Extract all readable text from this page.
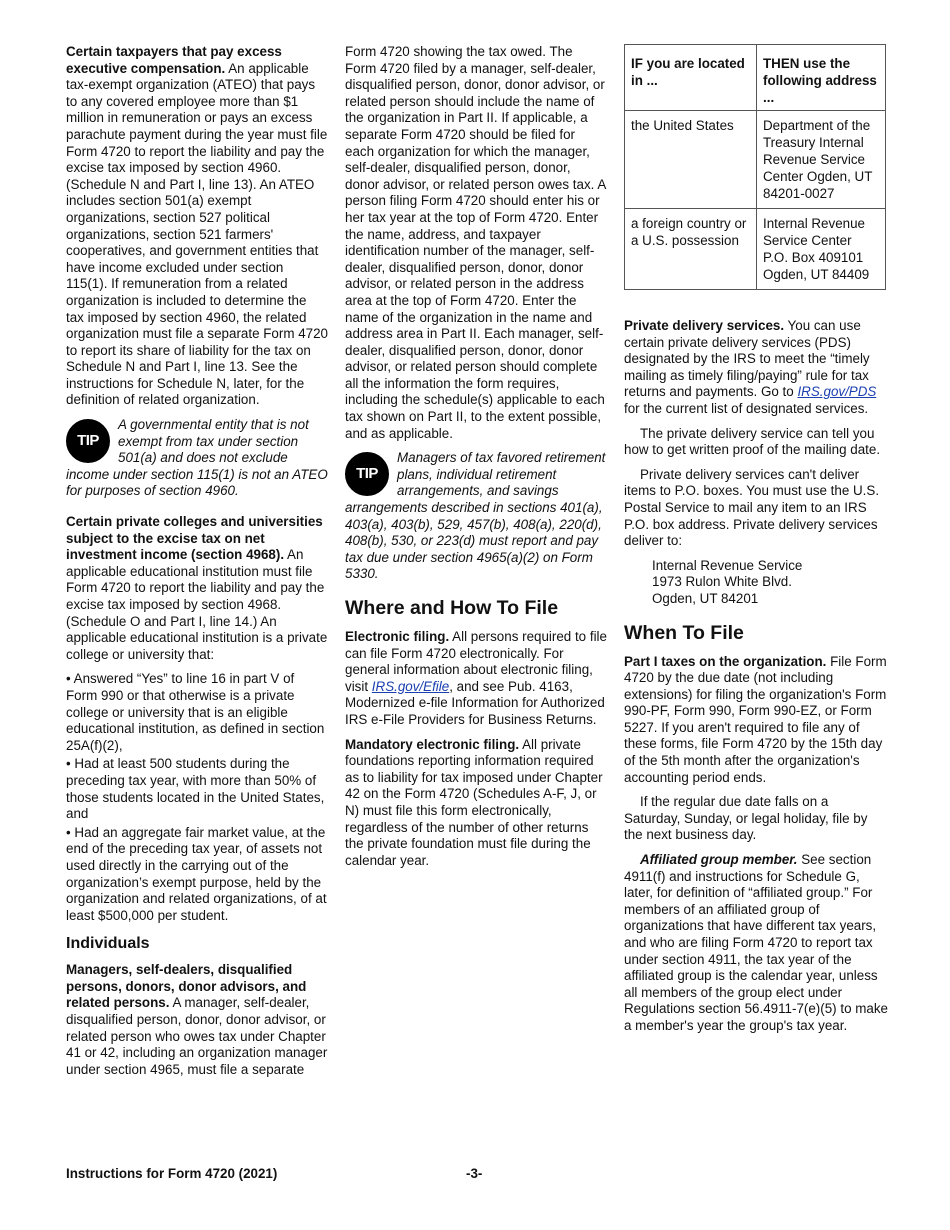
Certain taxpayers that pay excess executive compensation. An applicable tax-exempt organization (ATEO) that pays to any covered employee more than $1 million in remuneration or pays an excess parachute payment during the year must file Form 4720 to report the liability and pay the excise tax imposed by section 4960. (Schedule N and Part I, line 13). An ATEO includes section 501(a) exempt organizations, section 527 political organizations, section 521 farmers' cooperatives, and government entities that have income excluded under section 115(1). If remuneration from a related organization is included to determine the tax imposed by section 4960, the related organization must file a separate Form 4720 to report its share of liability for the tax on Schedule N and Part I, line 13. See the instructions for Schedule N, later, for the definition of related organization.

TIP
A governmental entity that is not exempt from tax under section 501(a) and does not exclude income under section 115(1) is not an ATEO for purposes of section 4960.

Certain private colleges and universities subject to the excise tax on net investment income (section 4968). An applicable educational institution must file Form 4720 to report the liability and pay the excise tax imposed by section 4968. (Schedule O and Part I, line 14.) An applicable educational institution is a private college or university that:

• Answered “Yes” to line 16 in part V of Form 990 or that otherwise is a private college or university that is an eligible educational institution, as defined in section 25A(f)(2),
• Had at least 500 students during the preceding tax year, with more than 50% of those students located in the United States, and
• Had an aggregate fair market value, at the end of the preceding tax year, of assets not used directly in the carrying out of the organization’s exempt purpose, held by the organization and related organizations, of at least $500,000 per student.
Individuals

Managers, self-dealers, disqualified persons, donors, donor advisors, and related persons. A manager, self-dealer, disqualified person, donor, donor advisor, or related person who owes tax under Chapter 41 or 42, including an organization manager under section 4965, must file a separate

Form 4720 showing the tax owed. The Form 4720 filed by a manager, self-dealer, disqualified person, donor, donor advisor, or related person should include the name of the organization in Part II. If applicable, a separate Form 4720 should be filed for each organization for which the manager, self-dealer, disqualified person, donor, donor advisor, or related person owes tax. A person filing Form 4720 should enter his or her tax year at the top of Form 4720. Enter the name, address, and taxpayer identification number of the manager, self-dealer, disqualified person, donor, donor advisor, or related person in the address area at the top of Form 4720. Enter the name of the organization in the name and address area in Part II. Each manager, self-dealer, disqualified person, donor, donor advisor, or related person should complete all the information the form requires, including the schedule(s) applicable to each tax shown on Part II, to the extent possible, and as applicable.

TIP
Managers of tax favored retirement plans, individual retirement arrangements, and savings arrangements described in sections 401(a), 403(a), 403(b), 529, 457(b), 408(a), 220(d), 408(b), 530, or 223(d) must report and pay tax due under section 4965(a)(2) on Form 5330.
Where and How To File

Electronic filing. All persons required to file can file Form 4720 electronically. For general information about electronic filing, visit IRS.gov/Efile, and see Pub. 4163, Modernized e-file Information for Authorized IRS e-File Providers for Business Returns.

Mandatory electronic filing. All private foundations reporting information required as to liability for tax imposed under Chapter 42 on the Form 4720 (Schedules A-F, J, or N) must file this form electronically, regardless of the number of other returns the private foundation must file during the calendar year.

IF you are located in ...	THEN use the following address ...
the United States	Department of the Treasury Internal Revenue Service Center Ogden, UT 84201-0027
a foreign country or a U.S. possession	Internal Revenue Service Center P.O. Box 409101 Ogden, UT 84409

Private delivery services. You can use certain private delivery services (PDS) designated by the IRS to meet the “timely mailing as timely filing/paying” rule for tax returns and payments. Go to IRS.gov/PDS for the current list of designated services.

The private delivery service can tell you how to get written proof of the mailing date.

Private delivery services can't deliver items to P.O. boxes. You must use the U.S. Postal Service to mail any item to an IRS P.O. box address. Private delivery services deliver to:

Internal Revenue Service
1973 Rulon White Blvd.
Ogden, UT 84201
When To File

Part I taxes on the organization. File Form 4720 by the due date (not including extensions) for filing the organization's Form 990-PF, Form 990, Form 990-EZ, or Form 5227. If you aren't required to file any of these forms, file Form 4720 by the 15th day of the 5th month after the organization's accounting period ends.

If the regular due date falls on a Saturday, Sunday, or legal holiday, file by the next business day.

Affiliated group member. See section 4911(f) and instructions for Schedule G, later, for definition of “affiliated group.” For members of an affiliated group of organizations that have different tax years, and who are filing Form 4720 to report tax under section 4911, the tax year of the affiliated group is the calendar year, unless all members of the group elect under Regulations section 56.4911-7(e)(5) to make a member's year the group's tax year.

Instructions for Form 4720 (2021)	-3-
